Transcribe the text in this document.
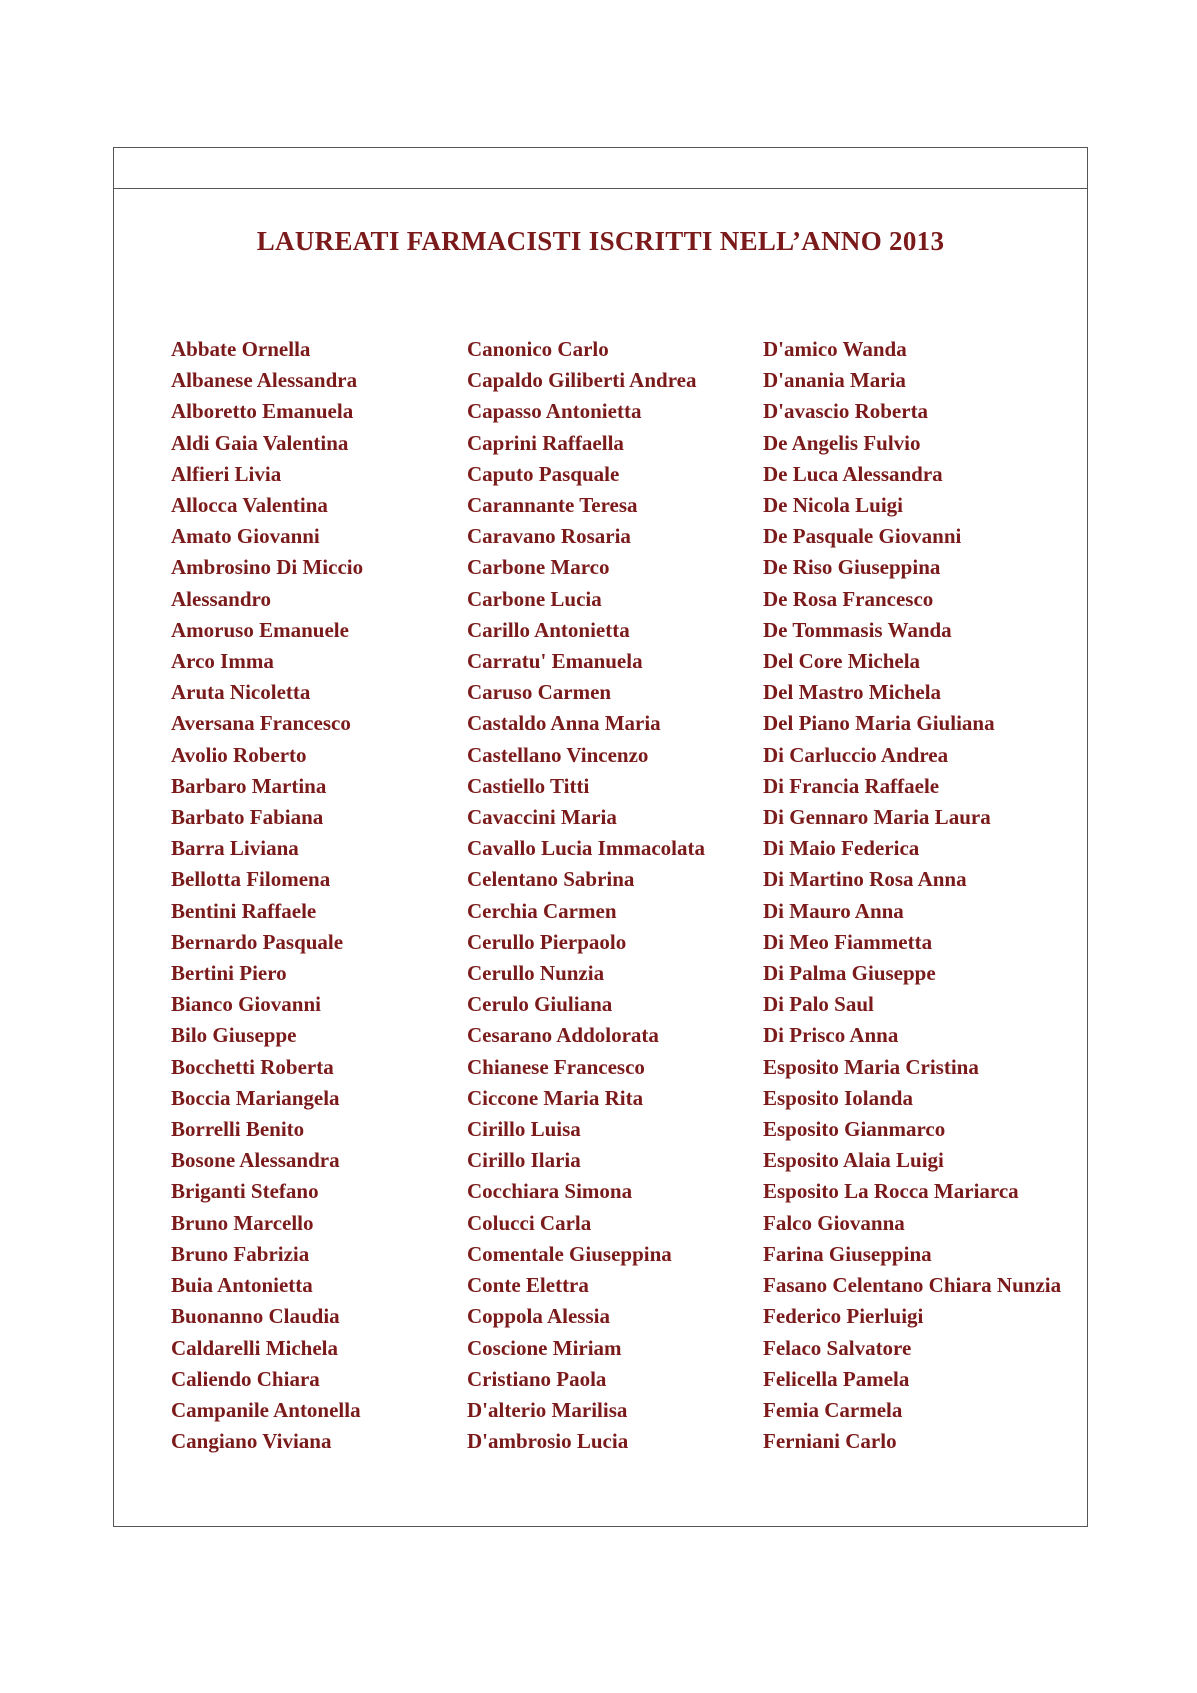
LAUREATI FARMACISTI ISCRITTI NELL’ANNO 2013
Abbate Ornella
Albanese Alessandra
Alboretto Emanuela
Aldi Gaia Valentina
Alfieri Livia
Allocca Valentina
Amato Giovanni
Ambrosino Di Miccio
Alessandro
Amoruso Emanuele
Arco Imma
Aruta Nicoletta
Aversana Francesco
Avolio Roberto
Barbaro Martina
Barbato Fabiana
Barra Liviana
Bellotta Filomena
Bentini Raffaele
Bernardo Pasquale
Bertini Piero
Bianco Giovanni
Bilo Giuseppe
Bocchetti Roberta
Boccia Mariangela
Borrelli Benito
Bosone Alessandra
Briganti Stefano
Bruno Marcello
Bruno Fabrizia
Buia Antonietta
Buonanno Claudia
Caldarelli Michela
Caliendo Chiara
Campanile Antonella
Cangiano Viviana
Canonico Carlo
Capaldo Giliberti Andrea
Capasso Antonietta
Caprini Raffaella
Caputo Pasquale
Carannante Teresa
Caravano Rosaria
Carbone Marco
Carbone Lucia
Carillo Antonietta
Carratu' Emanuela
Caruso Carmen
Castaldo Anna Maria
Castellano Vincenzo
Castiello Titti
Cavaccini Maria
Cavallo Lucia Immacolata
Celentano Sabrina
Cerchia Carmen
Cerullo Pierpaolo
Cerullo Nunzia
Cerulo Giuliana
Cesarano Addolorata
Chianese Francesco
Ciccone Maria Rita
Cirillo Luisa
Cirillo Ilaria
Cocchiara Simona
Colucci Carla
Comentale Giuseppina
Conte Elettra
Coppola Alessia
Coscione Miriam
Cristiano Paola
D'alterio Marilisa
D'ambrosio Lucia
D'amico Wanda
D'anania Maria
D'avascio Roberta
De Angelis Fulvio
De Luca Alessandra
De Nicola Luigi
De Pasquale Giovanni
De Riso Giuseppina
De Rosa Francesco
De Tommasis Wanda
Del Core Michela
Del Mastro Michela
Del Piano Maria Giuliana
Di Carluccio Andrea
Di Francia Raffaele
Di Gennaro Maria Laura
Di Maio Federica
Di Martino Rosa Anna
Di Mauro Anna
Di Meo Fiammetta
Di Palma Giuseppe
Di Palo Saul
Di Prisco Anna
Esposito Maria Cristina
Esposito Iolanda
Esposito Gianmarco
Esposito Alaia Luigi
Esposito La Rocca Mariarca
Falco Giovanna
Farina Giuseppina
Fasano Celentano Chiara Nunzia
Federico Pierluigi
Felaco Salvatore
Felicella Pamela
Femia Carmela
Ferniani Carlo
